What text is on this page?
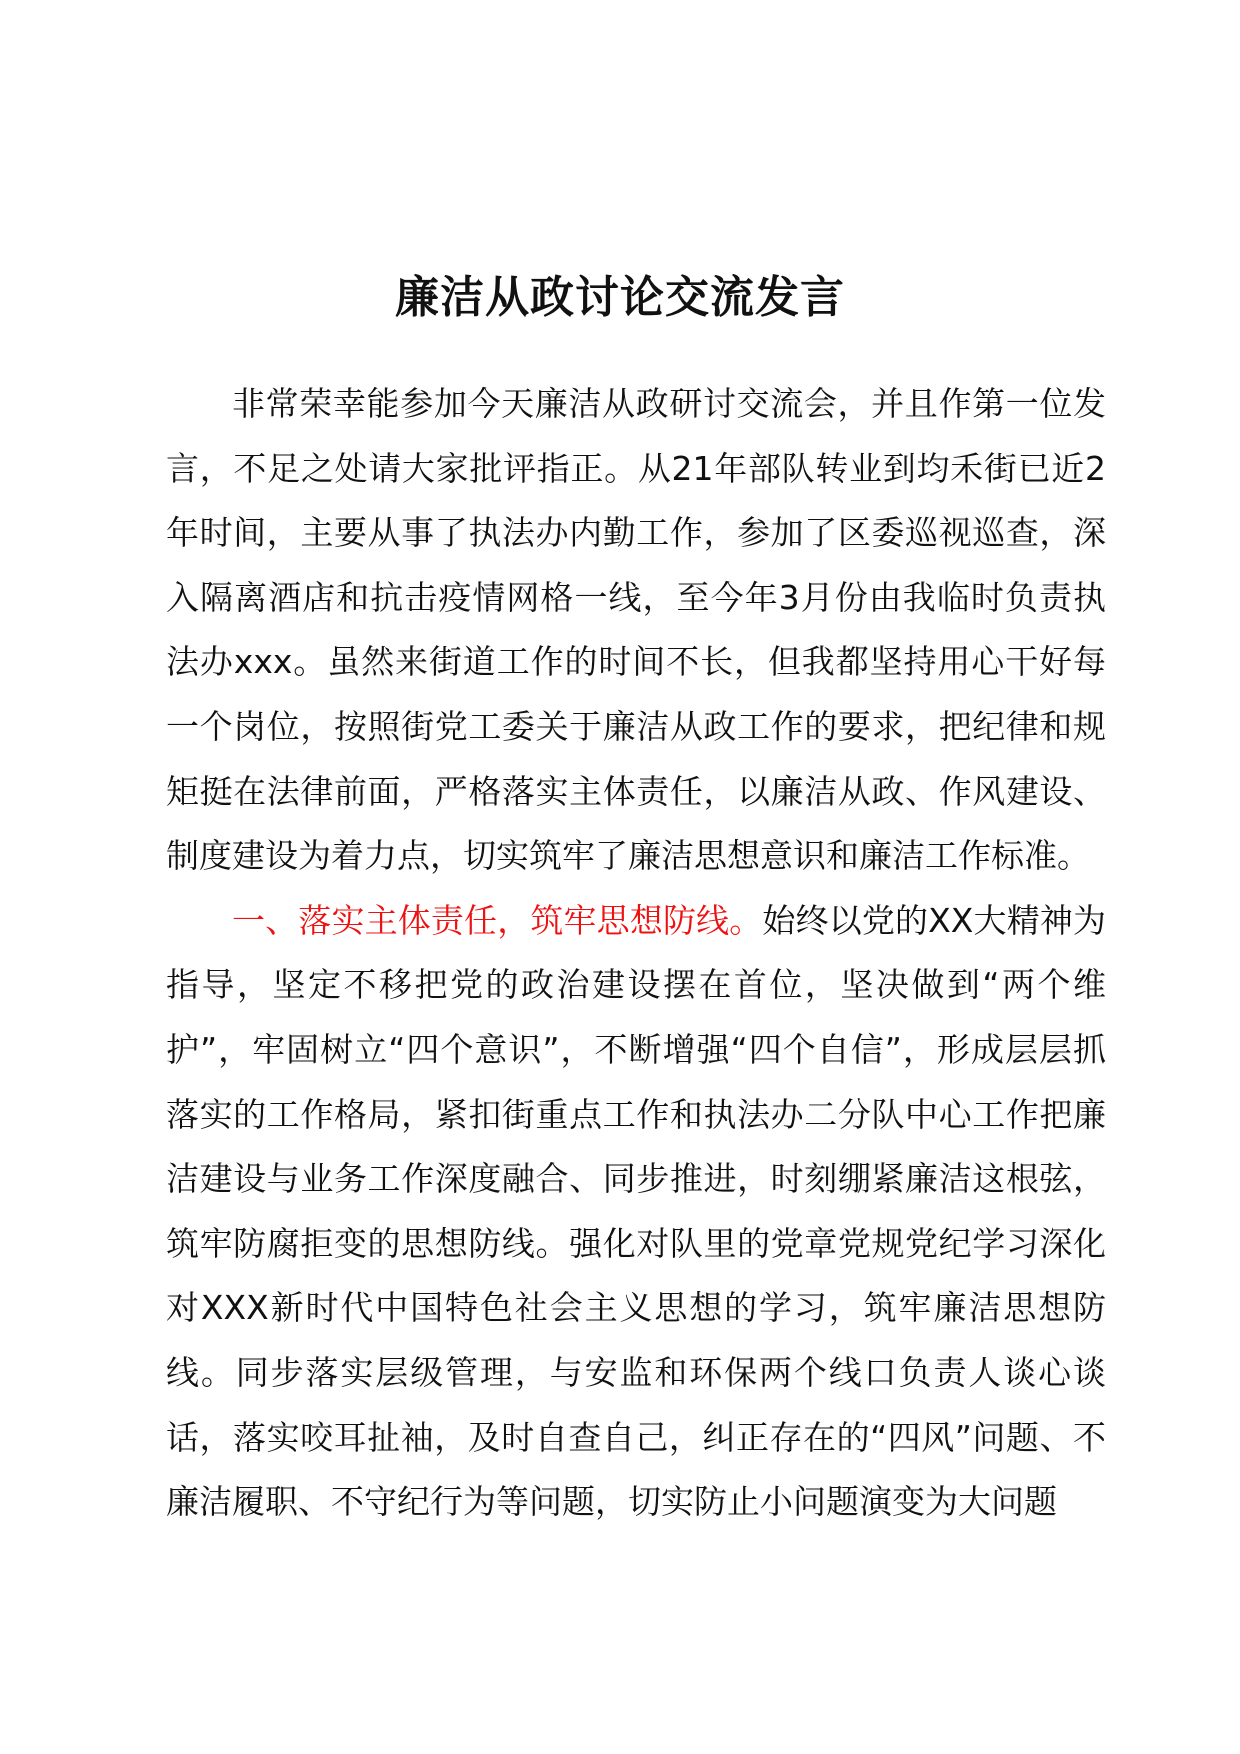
廉洁从政讨论交流发言

非常荣幸能参加今天廉洁从政研讨交流会，并且作第一位发言，不足之处请大家批评指正。从21年部队转业到均禾街已近2年时间，主要从事了执法办内勤工作，参加了区委巡视巡查，深入隔离酒店和抗击疫情网格一线，至今年3月份由我临时负责执法办xxx。虽然来街道工作的时间不长，但我都坚持用心干好每一个岗位，按照街党工委关于廉洁从政工作的要求，把纪律和规矩挺在法律前面，严格落实主体责任，以廉洁从政、作风建设、制度建设为着力点，切实筑牢了廉洁思想意识和廉洁工作标准。

一、落实主体责任，筑牢思想防线。始终以党的XX大精神为指导，坚定不移把党的政治建设摆在首位，坚决做到“两个维护”，牢固树立“四个意识”，不断增强“四个自信”，形成层层抓落实的工作格局，紧扣街重点工作和执法办二分队中心工作把廉洁建设与业务工作深度融合、同步推进，时刻绷紧廉洁这根弦，筑牢防腐拒变的思想防线。强化对队里的党章党规党纪学习深化对XXX新时代中国特色社会主义思想的学习，筑牢廉洁思想防线。同步落实层级管理，与安监和环保两个线口负责人谈心谈话，落实咬耳扯袖，及时自查自己，纠正存在的“四风”问题、不廉洁履职、不守纪行为等问题，切实防止小问题演变为大问题
